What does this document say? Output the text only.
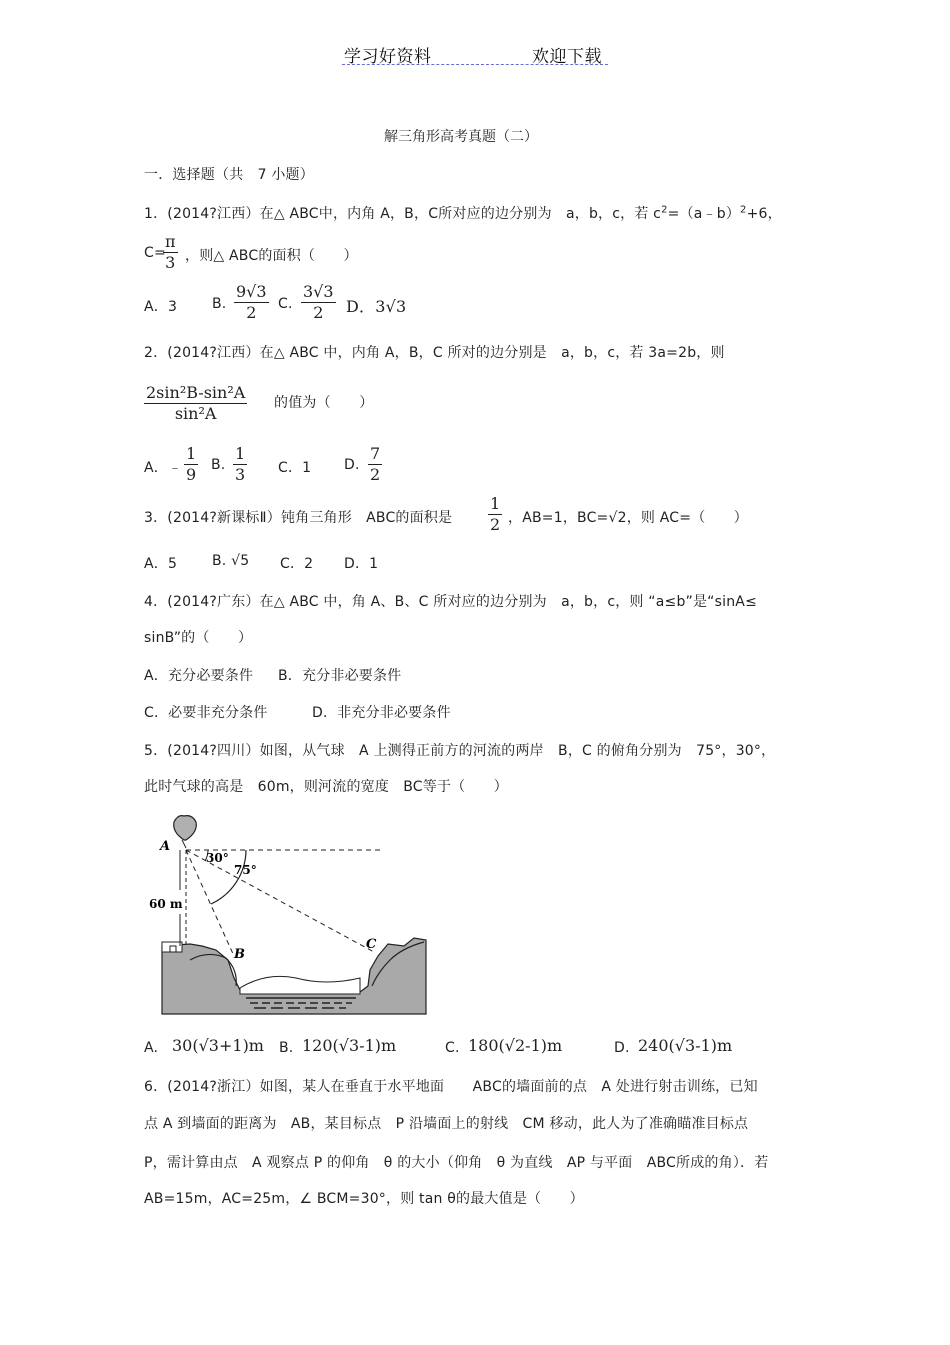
学习好资料	欢迎下载
解三角形高考真题（二）
一．选择题（共　7 小题）
1．(2014?江西）在△ ABC中，内角 A，B，C所对应的边分别为　a，b，c，若 $c^2=(a﹣b)^2+6$，
C=
$\frac{\pi}{3}$ ，则△ ABC的面积（　　）
A．3 B. $\frac{9√3}{2} C$. $\frac{3√3}{2}$ D．3√3
2．(2014?江西）在△ ABC 中，内角 A，B，C 所对的边分别是　a，b，c，若 3a=2b，则
$\frac{\text{2sin²B-sin²A}}{\text{sin²A}}$ 的值为（　　）
A．﹣ $\frac{1}{9} B$. $\frac{1}{3}$ C．1 D. $\frac{7}{2}$
3．(2014?新课标Ⅱ）钝角三角形　ABC的面积是 $\frac{1}{2}$ ，AB=1，BC=√2，则 AC=（　　）
A．5 B. √5 C．2 D．1
4．(2014?广东）在△ ABC 中，角 A、B、C 所对应的边分别为　a，b，c，则 “a≤b”是“sinA≤
sinB”的（　　）
A．充分必要条件 B．充分非必要条件
C．必要非充分条件	D．非充分非必要条件
5．(2014?四川）如图，从气球　A 上测得正前方的河流的两岸　B，C 的俯角分别为　75°，30°，
此时气球的高是　60m，则河流的宽度　BC等于（　　）
A
B
C
30°
75°
60 m
A. 30(√3+1)m B. 120(√3-1)m	C. 180(√2-1)m	D. 240(√3-1)m
6．(2014?浙江）如图，某人在垂直于水平地面　　ABC的墙面前的点　A 处进行射击训练，已知
点 A 到墙面的距离为　AB，某目标点　P 沿墙面上的射线　CM 移动，此人为了准确瞄准目标点
P，需计算由点　A 观察点 P 的仰角　θ 的大小（仰角　θ 为直线　AP 与平面　ABC所成的角）．若
AB=15m，AC=25m，∠ BCM=30°，则 tan θ的最大值是（　　）
